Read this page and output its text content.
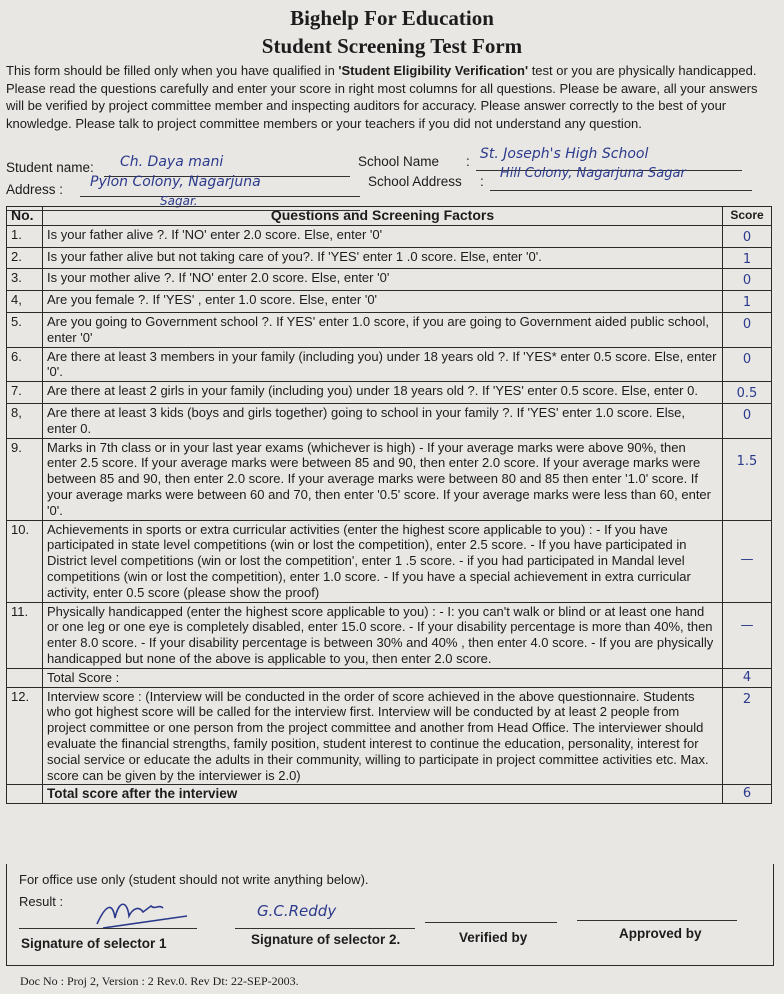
Bighelp For Education
Student Screening Test Form
This form should be filled only when you have qualified in 'Student Eligibility Verification' test or you are physically handicapped. Please read the questions carefully and enter your score in right most columns for all questions. Please be aware, all your answers will be verified by project committee member and inspecting auditors for accuracy. Please answer correctly to the best of your knowledge. Please talk to project committee members or your teachers if you did not understand any question.
Student name: Ch. Daya mani	School Name : St. Joseph's High School
Address : Pylon Colony, Nagarjuna
Sagar.
School Address :
Hill Colony, Nagarjuna Sagar
No.	Questions and Screening Factors	Score
1.	Is your father alive ?. If 'NO' enter 2.0 score. Else, enter '0'	0

2.	Is your father alive but not taking care of you?. If 'YES' enter 1 .0 score. Else, enter '0'.	1

3.	Is your mother alive ?. If 'NO' enter 2.0 score. Else, enter '0'	0

4,	Are you female ?. If 'YES' , enter 1.0 score. Else, enter '0'	1

5.	Are you going to Government school ?. If YES' enter 1.0 score, if you are going to Government aided public school, enter '0'	0

6.	Are there at least 3 members in your family (including you) under 18 years old ?. If 'YES* enter 0.5 score. Else, enter '0'.	0

7.	Are there at least 2 girls in your family (including you) under 18 years old ?. If 'YES' enter 0.5 score. Else, enter 0.	0.5

8,	Are there at least 3 kids (boys and girls together) going to school in your family ?. If 'YES' enter 1.0 score. Else, enter 0.	0

9.	Marks in 7th class or in your last year exams (whichever is high) - If your average marks were above 90%, then enter 2.5 score. If your average marks were between 85 and 90, then enter 2.0 score. If your average marks were between 85 and 90, then enter 2.0 score. If your average marks were between 80 and 85 then enter '1.0' score. If your average marks were between 60 and 70, then enter '0.5' score. If your average marks were less than 60, enter '0'.	1.5

10.	Achievements in sports or extra curricular activities (enter the highest score applicable to you) : - If you have participated in state level competitions (win or lost the competition), enter 2.5 score. - If you have participated in District level competitions (win or lost the competition', enter 1 .5 score. - if you had participated in Mandal level competitions (win or lost the competition), enter 1.0 score. - If you have a special achievement in extra curricular activity, enter 0.5 score (please show the proof)	—

11.	Physically handicapped (enter the highest score applicable to you) : - I: you can't walk or blind or at least one hand or one leg or one eye is completely disabled, enter 15.0 score. - If your disability percentage is more than 40%, then enter 8.0 score. - If your disability percentage is between 30% and 40% , then enter 4.0 score. - If you are physically handicapped but none of the above is applicable to you, then enter 2.0 score.	—

	Total Score :	4

12.	Interview score : (Interview will be conducted in the order of score achieved in the above questionnaire. Students who got highest score will be called for the interview first. Interview will be conducted by at least 2 people from project committee or one person from the project committee and another from Head Office. The interviewer should evaluate the financial strengths, family position, student interest to continue the education, personality, interest for social service or educate the adults in their community, willing to participate in project committee activities etc. Max. score can be given by the interviewer is 2.0)	2

	Total score after the interview	6
For office use only (student should not write anything below).
Result :
G.C.Reddy
Signature of selector 1	Signature of selector 2.	Verified by	Approved by
Doc No : Proj 2, Version : 2 Rev.0. Rev Dt: 22-SEP-2003.
